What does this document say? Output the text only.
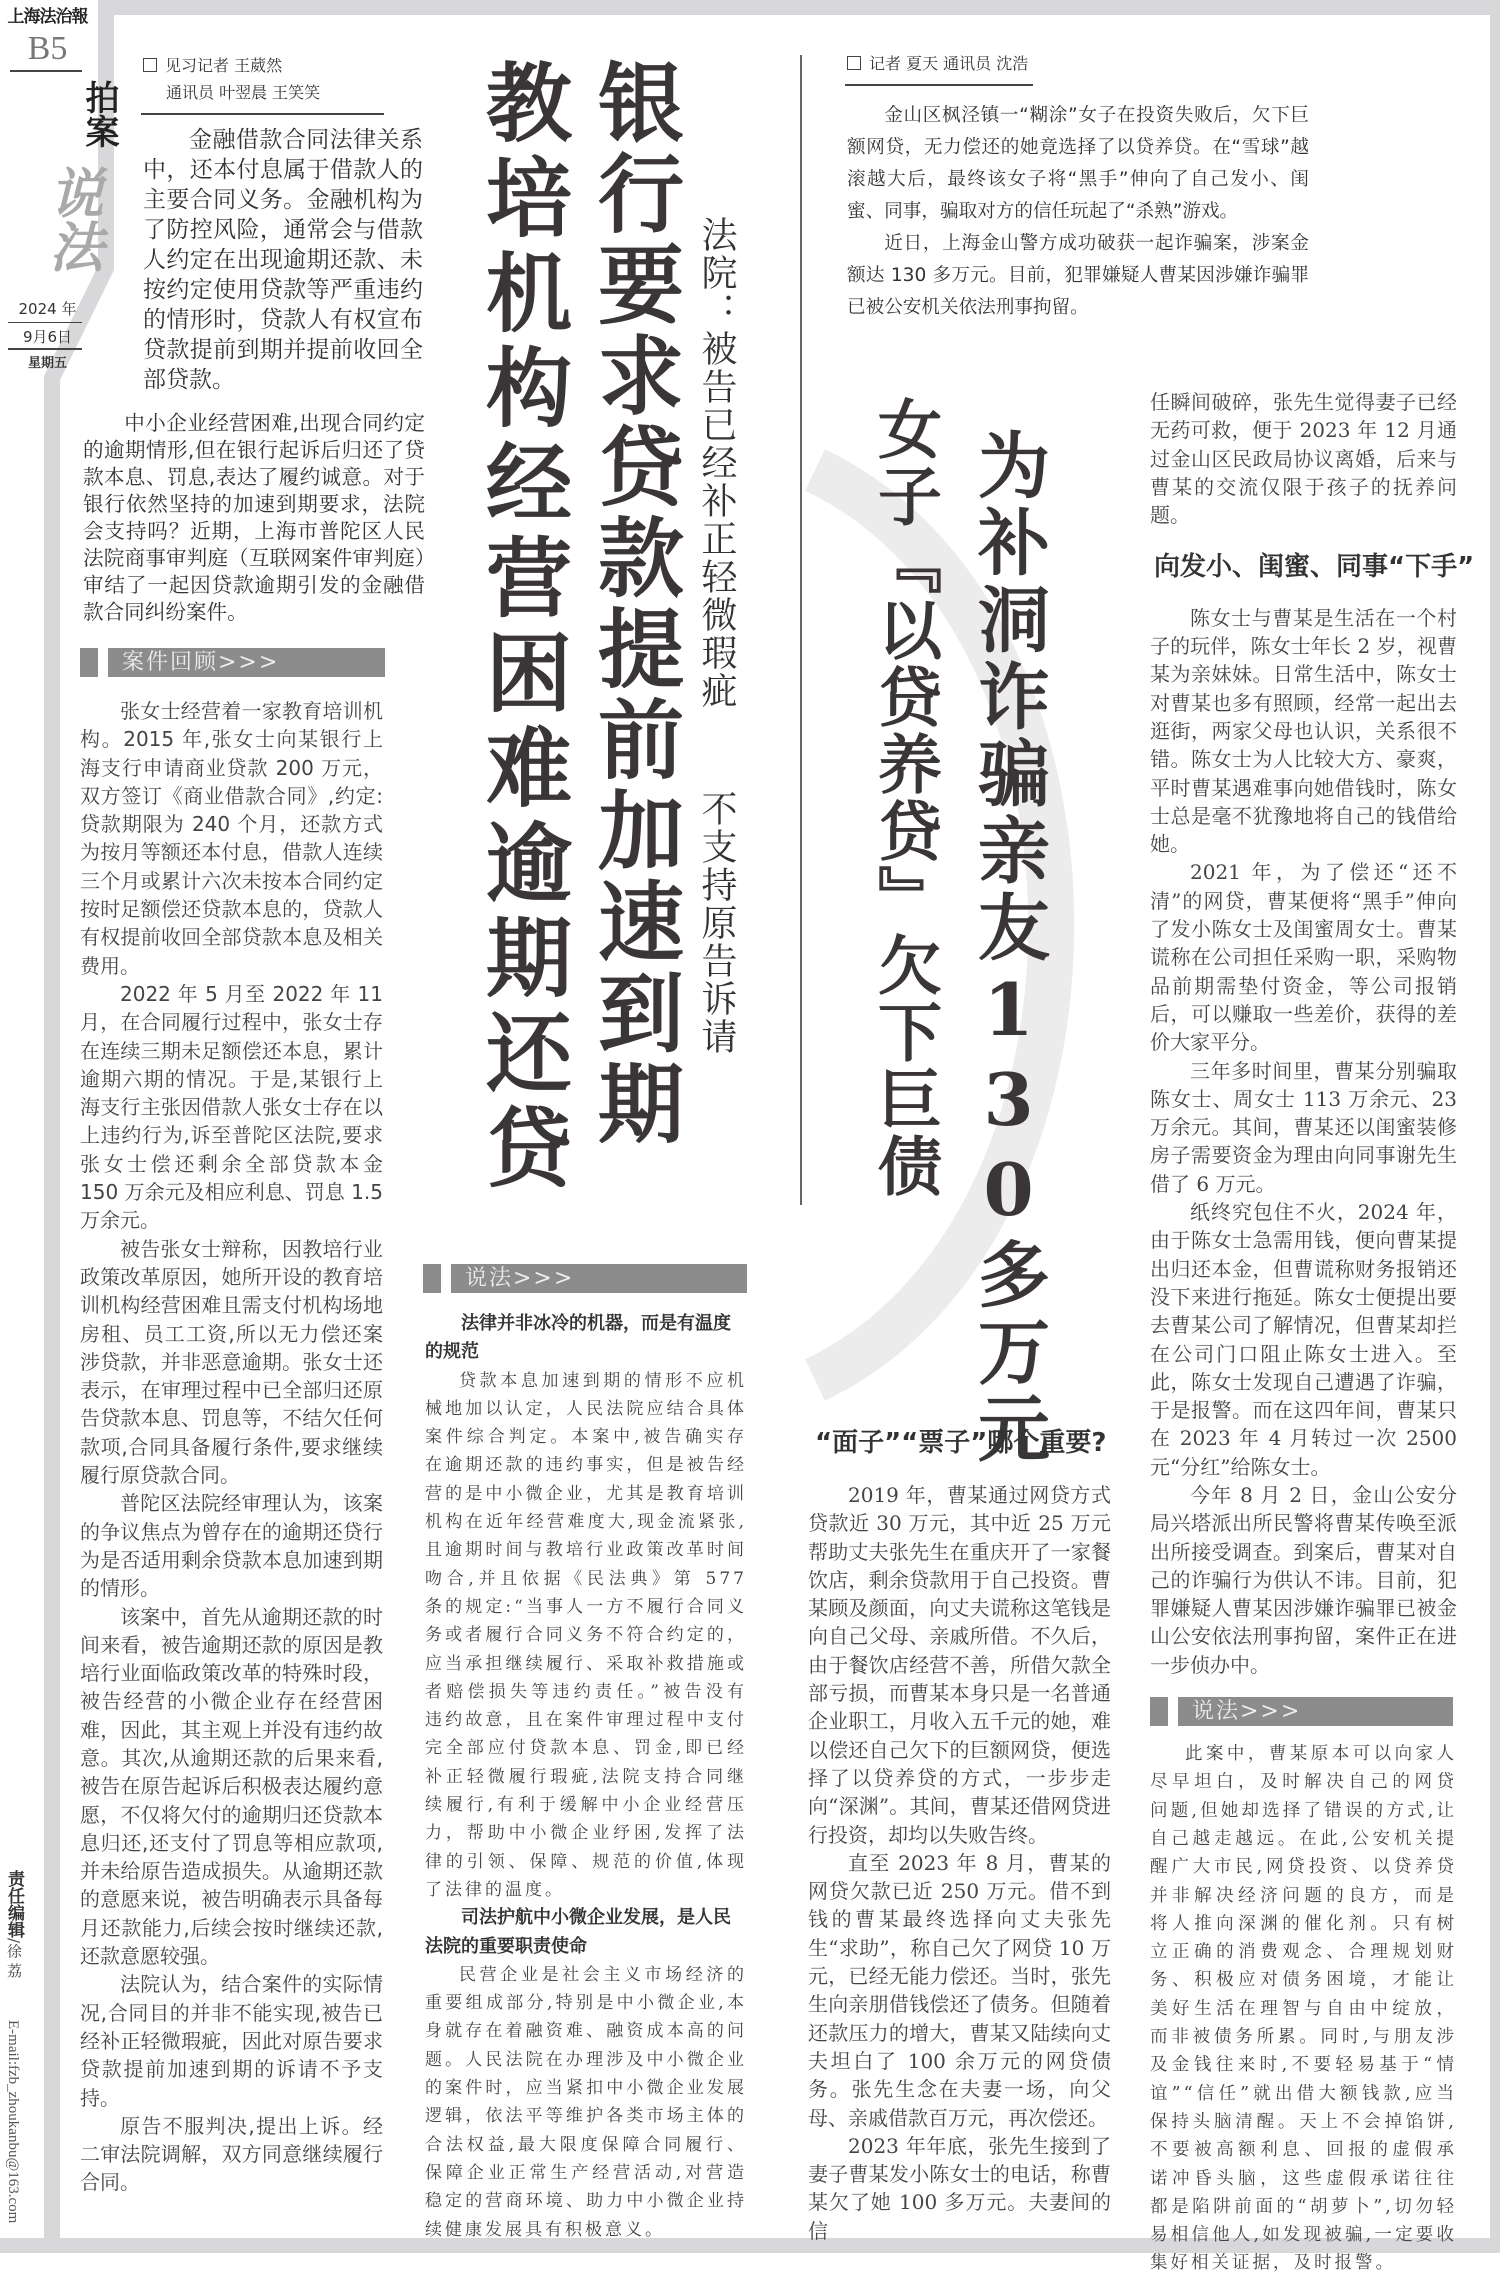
上海法治報
B5
拍案
说法
2024 年
9月6日
星期五
责任编辑/徐 荔
E-mail:fzb_zhoukanbu@163.com
见习记者 王葳然
通讯员 叶翌晨 王笑笑

金融借款合同法律关系中，还本付息属于借款人的主要合同义务。金融机构为了防控风险，通常会与借款人约定在出现逾期还款、未按约定使用贷款等严重违约的情形时，贷款人有权宣布贷款提前到期并提前收回全部贷款。

中小企业经营困难,出现合同约定的逾期情形,但在银行起诉后归还了贷款本息、罚息,表达了履约诚意。对于银行依然坚持的加速到期要求，法院会支持吗？近期，上海市普陀区人民法院商事审判庭（互联网案件审判庭）审结了一起因贷款逾期引发的金融借款合同纠纷案件。

案件回顾>>>

张女士经营着一家教育培训机构。2015 年,张女士向某银行上海支行申请商业贷款 200 万元，双方签订《商业借款合同》,约定:贷款期限为 240 个月，还款方式为按月等额还本付息，借款人连续三个月或累计六次未按本合同约定按时足额偿还贷款本息的，贷款人有权提前收回全部贷款本息及相关费用。

2022 年 5 月至 2022 年 11 月，在合同履行过程中，张女士存在连续三期未足额偿还本息，累计逾期六期的情况。于是,某银行上海支行主张因借款人张女士存在以上违约行为,诉至普陀区法院,要求张女士偿还剩余全部贷款本金 150 万余元及相应利息、罚息 1.5 万余元。

被告张女士辩称，因教培行业政策改革原因，她所开设的教育培训机构经营困难且需支付机构场地房租、员工工资,所以无力偿还案涉贷款，并非恶意逾期。张女士还表示，在审理过程中已全部归还原告贷款本息、罚息等，不结欠任何款项,合同具备履行条件,要求继续履行原贷款合同。

普陀区法院经审理认为，该案的争议焦点为曾存在的逾期还贷行为是否适用剩余贷款本息加速到期的情形。

该案中，首先从逾期还款的时间来看，被告逾期还款的原因是教培行业面临政策改革的特殊时段，被告经营的小微企业存在经营困难，因此，其主观上并没有违约故意。其次,从逾期还款的后果来看,被告在原告起诉后积极表达履约意愿，不仅将欠付的逾期归还贷款本息归还,还支付了罚息等相应款项,并未给原告造成损失。从逾期还款的意愿来说，被告明确表示具备每月还款能力,后续会按时继续还款,还款意愿较强。

法院认为，结合案件的实际情况,合同目的并非不能实现,被告已经补正轻微瑕疵，因此对原告要求贷款提前加速到期的诉请不予支持。

原告不服判决,提出上诉。经二审法院调解，双方同意继续履行合同。

银行要求贷款提前加速到期
教培机构经营困难逾期还贷	法院：被告已经补正轻微瑕疵
不支持原告诉请
说法>>>

法律并非冰冷的机器，而是有温度的规范

贷款本息加速到期的情形不应机械地加以认定，人民法院应结合具体案件综合判定。本案中,被告确实存在逾期还款的违约事实，但是被告经营的是中小微企业，尤其是教育培训机构在近年经营难度大,现金流紧张,且逾期时间与教培行业政策改革时间吻合,并且依据《民法典》第 577 条的规定:“当事人一方不履行合同义务或者履行合同义务不符合约定的，应当承担继续履行、采取补救措施或者赔偿损失等违约责任。”被告没有违约故意，且在案件审理过程中支付完全部应付贷款本息、罚金,即已经补正轻微履行瑕疵,法院支持合同继续履行,有利于缓解中小企业经营压力，帮助中小微企业纾困,发挥了法律的引领、保障、规范的价值,体现了法律的温度。

司法护航中小微企业发展，是人民法院的重要职责使命

民营企业是社会主义市场经济的重要组成部分,特别是中小微企业,本身就存在着融资难、融资成本高的问题。人民法院在办理涉及中小微企业的案件时，应当紧扣中小微企业发展逻辑，依法平等维护各类市场主体的合法权益,最大限度保障合同履行、保障企业正常生产经营活动,对营造稳定的营商环境、助力中小微企业持续健康发展具有积极意义。

记者 夏天 通讯员 沈浩

金山区枫泾镇一“糊涂”女子在投资失败后，欠下巨额网贷，无力偿还的她竟选择了以贷养贷。在“雪球”越滚越大后，最终该女子将“黑手”伸向了自己发小、闺蜜、同事，骗取对方的信任玩起了“杀熟”游戏。

近日，上海金山警方成功破获一起诈骗案，涉案金额达 130 多万元。目前，犯罪嫌疑人曹某因涉嫌诈骗罪已被公安机关依法刑事拘留。

为补洞诈骗亲友130多万元
女子『以贷养贷』欠下巨债
“面子”“票子”哪个重要?

2019 年，曹某通过网贷方式贷款近 30 万元，其中近 25 万元帮助丈夫张先生在重庆开了一家餐饮店，剩余贷款用于自己投资。曹某顾及颜面，向丈夫谎称这笔钱是向自己父母、亲戚所借。不久后，由于餐饮店经营不善，所借欠款全部亏损，而曹某本身只是一名普通企业职工，月收入五千元的她，难以偿还自己欠下的巨额网贷，便选择了以贷养贷的方式，一步步走向“深渊”。其间，曹某还借网贷进行投资，却均以失败告终。

直至 2023 年 8 月，曹某的网贷欠款已近 250 万元。借不到钱的曹某最终选择向丈夫张先生“求助”，称自己欠了网贷 10 万元，已经无能力偿还。当时，张先生向亲朋借钱偿还了债务。但随着还款压力的增大，曹某又陆续向丈夫坦白了 100 余万元的网贷债务。张先生念在夫妻一场，向父母、亲戚借款百万元，再次偿还。

2023 年年底，张先生接到了妻子曹某发小陈女士的电话，称曹某欠了她 100 多万元。夫妻间的信

任瞬间破碎，张先生觉得妻子已经无药可救，便于 2023 年 12 月通过金山区民政局协议离婚，后来与曹某的交流仅限于孩子的抚养问题。

向发小、闺蜜、同事“下手”

陈女士与曹某是生活在一个村子的玩伴，陈女士年长 2 岁，视曹某为亲妹妹。日常生活中，陈女士对曹某也多有照顾，经常一起出去逛街，两家父母也认识，关系很不错。陈女士为人比较大方、豪爽，平时曹某遇难事向她借钱时，陈女士总是毫不犹豫地将自己的钱借给她。

2021 年，为了偿还“还不清”的网贷，曹某便将“黑手”伸向了发小陈女士及闺蜜周女士。曹某谎称在公司担任采购一职，采购物品前期需垫付资金，等公司报销后，可以赚取一些差价，获得的差价大家平分。

三年多时间里，曹某分别骗取陈女士、周女士 113 万余元、23 万余元。其间，曹某还以闺蜜装修房子需要资金为理由向同事谢先生借了 6 万元。

纸终究包住不火，2024 年，由于陈女士急需用钱，便向曹某提出归还本金，但曹谎称财务报销还没下来进行拖延。陈女士便提出要去曹某公司了解情况，但曹某却拦在公司门口阻止陈女士进入。至此，陈女士发现自己遭遇了诈骗，于是报警。而在这四年间，曹某只在 2023 年 4 月转过一次 2500 元“分红”给陈女士。

今年 8 月 2 日，金山公安分局兴塔派出所民警将曹某传唤至派出所接受调查。到案后，曹某对自己的诈骗行为供认不讳。目前，犯罪嫌疑人曹某因涉嫌诈骗罪已被金山公安依法刑事拘留，案件正在进一步侦办中。

说法>>>

此案中，曹某原本可以向家人尽早坦白，及时解决自己的网贷问题,但她却选择了错误的方式,让自己越走越远。在此,公安机关提醒广大市民,网贷投资、以贷养贷并非解决经济问题的良方，而是将人推向深渊的催化剂。只有树立正确的消费观念、合理规划财务、积极应对债务困境，才能让美好生活在理智与自由中绽放，而非被债务所累。同时,与朋友涉及金钱往来时,不要轻易基于“情谊”“信任”就出借大额钱款,应当保持头脑清醒。天上不会掉馅饼,不要被高额利息、回报的虚假承诺冲昏头脑，这些虚假承诺往往都是陷阱前面的“胡萝卜”,切勿轻易相信他人,如发现被骗,一定要收集好相关证据，及时报警。
